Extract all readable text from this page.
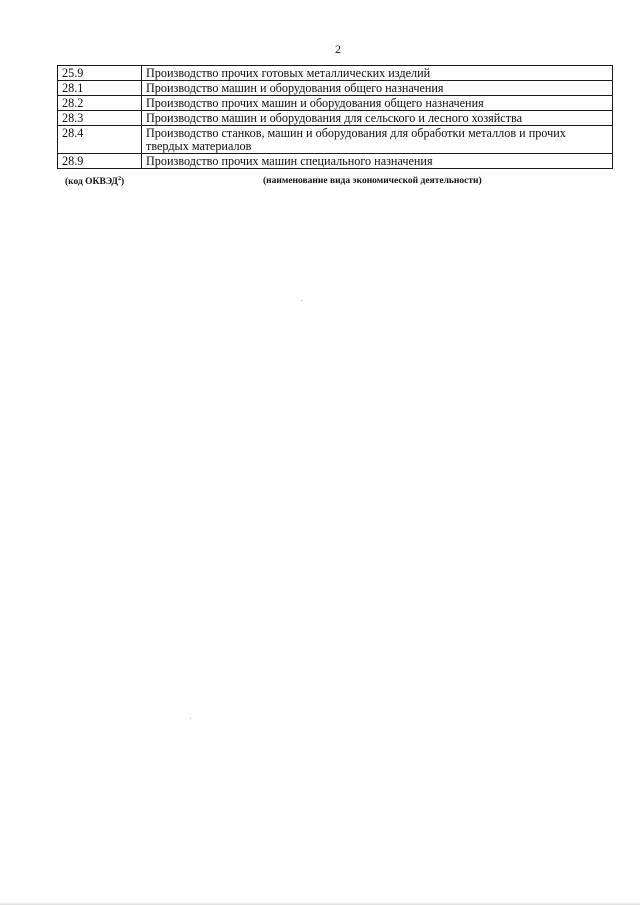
2
25.9	Производство прочих готовых металлических изделий
28.1	Производство машин и оборудования общего назначения
28.2	Производство прочих машин и оборудования общего назначения
28.3	Производство машин и оборудования для сельского и лесного хозяйства
28.4	Производство станков, машин и оборудования для обработки металлов и прочих твердых материалов
28.9	Производство прочих машин специального назначения
(код ОКВЭД$^2$)	(наименование вида экономической деятельности)
